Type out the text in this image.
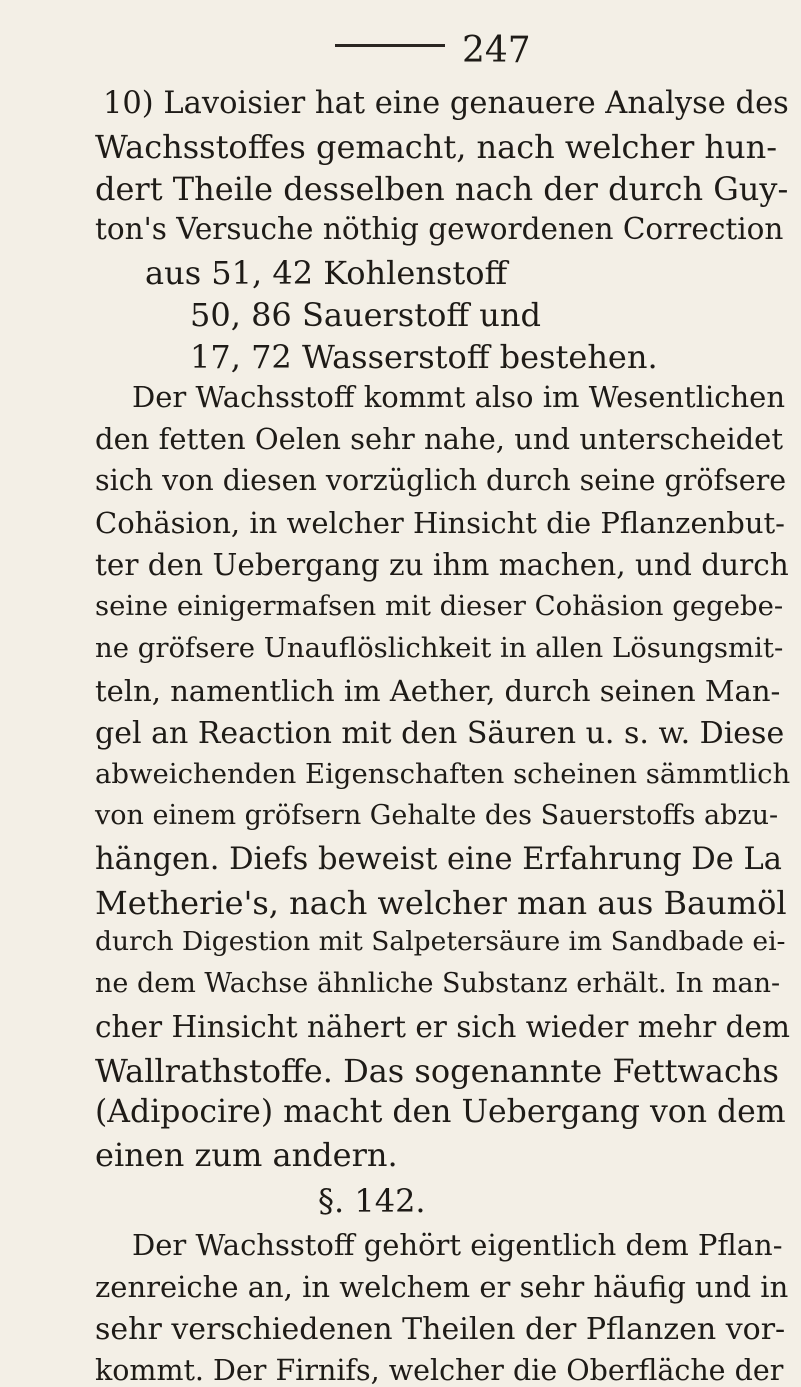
247
10) Lavoisier hat eine genauere Analyse des
Wachsstoffes gemacht, nach welcher hun-
dert Theile desselben nach der durch Guy-
ton's Versuche nöthig gewordenen Correction
aus 51, 42 Kohlenstoff
50, 86 Sauerstoff und
17, 72 Wasserstoff bestehen.
Der Wachsstoff kommt also im Wesentlichen
den fetten Oelen sehr nahe, und unterscheidet
sich von diesen vorzüglich durch seine gröfsere
Cohäsion, in welcher Hinsicht die Pflanzenbut-
ter den Uebergang zu ihm machen, und durch
seine einigermafsen mit dieser Cohäsion gegebe-
ne gröfsere Unauflöslichkeit in allen Lösungsmit-
teln, namentlich im Aether, durch seinen Man-
gel an Reaction mit den Säuren u. s. w. Diese
abweichenden Eigenschaften scheinen sämmtlich
von einem gröfsern Gehalte des Sauerstoffs abzu-
hängen. Diefs beweist eine Erfahrung De La
Metherie's, nach welcher man aus Baumöl
durch Digestion mit Salpetersäure im Sandbade ei-
ne dem Wachse ähnliche Substanz erhält. In man-
cher Hinsicht nähert er sich wieder mehr dem
Wallrathstoffe. Das sogenannte Fettwachs
(Adipocire) macht den Uebergang von dem
einen zum andern.
§. 142.
Der Wachsstoff gehört eigentlich dem Pflan-
zenreiche an, in welchem er sehr häufig und in
sehr verschiedenen Theilen der Pflanzen vor-
kommt. Der Firnifs, welcher die Oberfläche der
